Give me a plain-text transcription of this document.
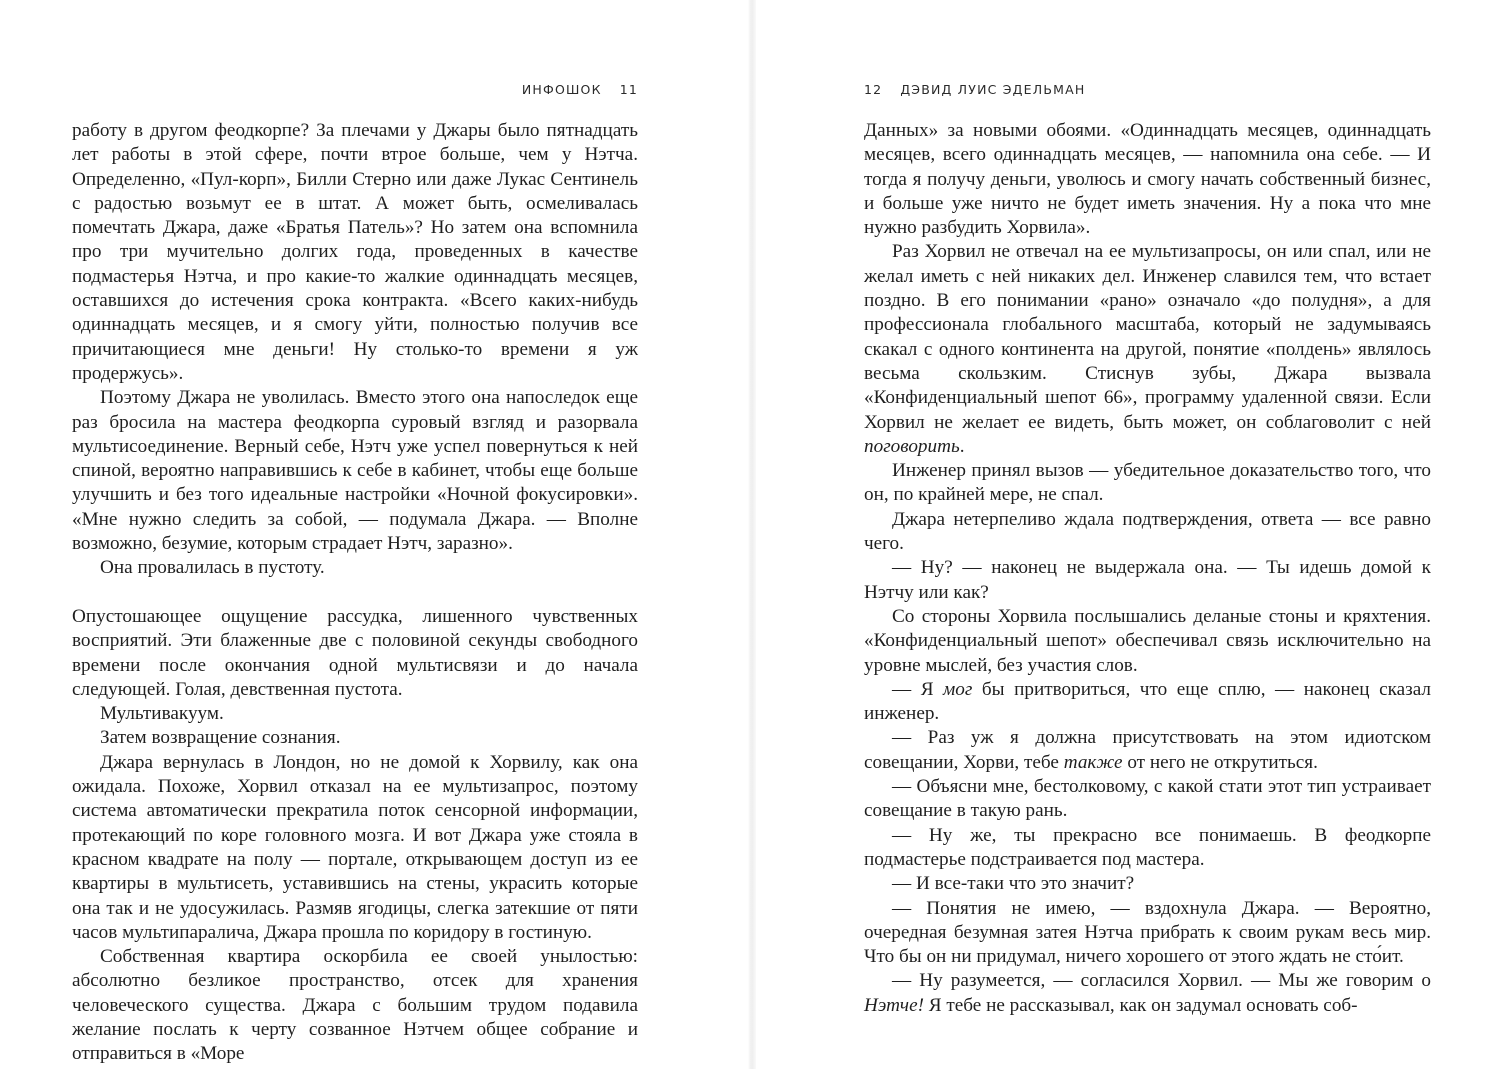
ИНФОШОК 11

работу в другом феодкорпе? За плечами у Джары было пятнадцать лет работы в этой сфере, почти втрое больше, чем у Нэтча. Определенно, «Пул-корп», Билли Стерно или даже Лукас Сентинель с радостью возьмут ее в штат. А может быть, осмеливалась помечтать Джара, даже «Братья Патель»? Но затем она вспомнила про три мучительно долгих года, проведенных в качестве подмастерья Нэтча, и про какие-то жалкие одиннадцать месяцев, оставшихся до истечения срока контракта. «Всего каких-нибудь одиннадцать месяцев, и я смогу уйти, полностью получив все причитающиеся мне деньги! Ну столько-то времени я уж продержусь».

Поэтому Джара не уволилась. Вместо этого она напоследок еще раз бросила на мастера феодкорпа суровый взгляд и разорвала мультисоединение. Верный себе, Нэтч уже успел повернуться к ней спиной, вероятно направившись к себе в кабинет, чтобы еще больше улучшить и без того идеальные настройки «Ночной фокусировки». «Мне нужно следить за собой, — подумала Джара. — Вполне возможно, безумие, которым страдает Нэтч, заразно».

Она провалилась в пустоту.

Опустошающее ощущение рассудка, лишенного чувственных восприятий. Эти блаженные две с половиной секунды свободного времени после окончания одной мультисвязи и до начала следующей. Голая, девственная пустота.

Мультивакуум.

Затем возвращение сознания.

Джара вернулась в Лондон, но не домой к Хорвилу, как она ожидала. Похоже, Хорвил отказал на ее мультизапрос, поэтому система автоматически прекратила поток сенсорной информации, протекающий по коре головного мозга. И вот Джара уже стояла в красном квадрате на полу — портале, открывающем доступ из ее квартиры в мультисеть, уставившись на стены, украсить которые она так и не удосужилась. Размяв ягодицы, слегка затекшие от пяти часов мультипаралича, Джара прошла по коридору в гостиную.

Собственная квартира оскорбила ее своей унылостью: абсолютно безликое пространство, отсек для хранения человеческого существа. Джара с большим трудом подавила желание послать к черту созванное Нэтчем общее собрание и отправиться в «Море

12 ДЭВИД ЛУИС ЭДЕЛЬМАН

Данных» за новыми обоями. «Одиннадцать месяцев, одиннадцать месяцев, всего одиннадцать месяцев, — напомнила она себе. — И тогда я получу деньги, уволюсь и смогу начать собственный бизнес, и больше уже ничто не будет иметь значения. Ну а пока что мне нужно разбудить Хорвила».

Раз Хорвил не отвечал на ее мультизапросы, он или спал, или не желал иметь с ней никаких дел. Инженер славился тем, что встает поздно. В его понимании «рано» означало «до полудня», а для профессионала глобального масштаба, который не задумываясь скакал с одного континента на другой, понятие «полдень» являлось весьма скользким. Стиснув зубы, Джара вызвала «Конфиденциальный шепот 66», программу удаленной связи. Если Хорвил не желает ее видеть, быть может, он соблаговолит с ней поговорить.

Инженер принял вызов — убедительное доказательство того, что он, по крайней мере, не спал.

Джара нетерпеливо ждала подтверждения, ответа — все равно чего.

— Ну? — наконец не выдержала она. — Ты идешь домой к Нэтчу или как?

Со стороны Хорвила послышались деланые стоны и кряхтения. «Конфиденциальный шепот» обеспечивал связь исключительно на уровне мыслей, без участия слов.

— Я мог бы притвориться, что еще сплю, — наконец сказал инженер.

— Раз уж я должна присутствовать на этом идиотском совещании, Хорви, тебе также от него не открутиться.

— Объясни мне, бестолковому, с какой стати этот тип устраивает совещание в такую рань.

— Ну же, ты прекрасно все понимаешь. В феодкорпе подмастерье подстраивается под мастера.

— И все-таки что это значит?

— Понятия не имею, — вздохнула Джара. — Вероятно, очередная безумная затея Нэтча прибрать к своим рукам весь мир. Что бы он ни придумал, ничего хорошего от этого ждать не сто́ит.

— Ну разумеется, — согласился Хорвил. — Мы же говорим о Нэтче! Я тебе не рассказывал, как он задумал основать соб-
